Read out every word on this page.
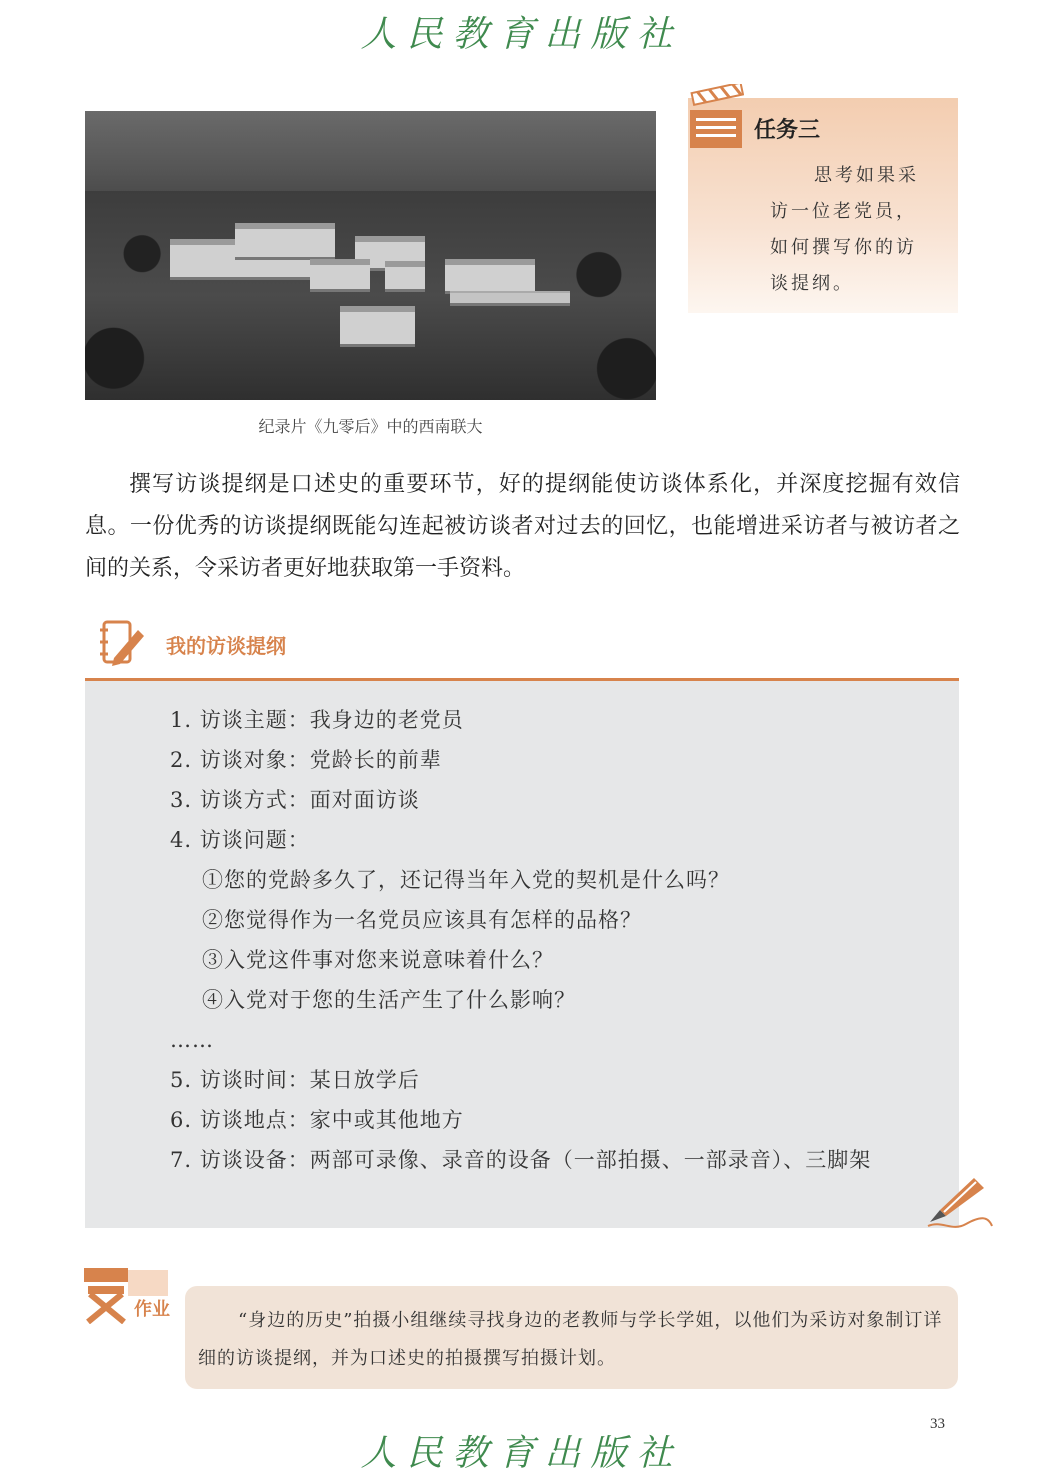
人民教育出版社
纪录片《九零后》中的西南联大
任务三
思考如果采
访一位老党员，
如何撰写你的访
谈提纲。

撰写访谈提纲是口述史的重要环节，好的提纲能使访谈体系化，并深度挖掘有效信息。一份优秀的访谈提纲既能勾连起被访谈者对过去的回忆，也能增进采访者与被访者之间的关系，令采访者更好地获取第一手资料。

我的访谈提纲
1. 访谈主题：我身边的老党员
2. 访谈对象：党龄长的前辈
3. 访谈方式：面对面访谈
4. 访谈问题：
①您的党龄多久了，还记得当年入党的契机是什么吗？
②您觉得作为一名党员应该具有怎样的品格？
③入党这件事对您来说意味着什么？
④入党对于您的生活产生了什么影响？
……
5. 访谈时间：某日放学后
6. 访谈地点：家中或其他地方
7. 访谈设备：两部可录像、录音的设备（一部拍摄、一部录音）、三脚架
作业

“身边的历史”拍摄小组继续寻找身边的老教师与学长学姐，以他们为采访对象制订详细的访谈提纲，并为口述史的拍摄撰写拍摄计划。

33
人民教育出版社
